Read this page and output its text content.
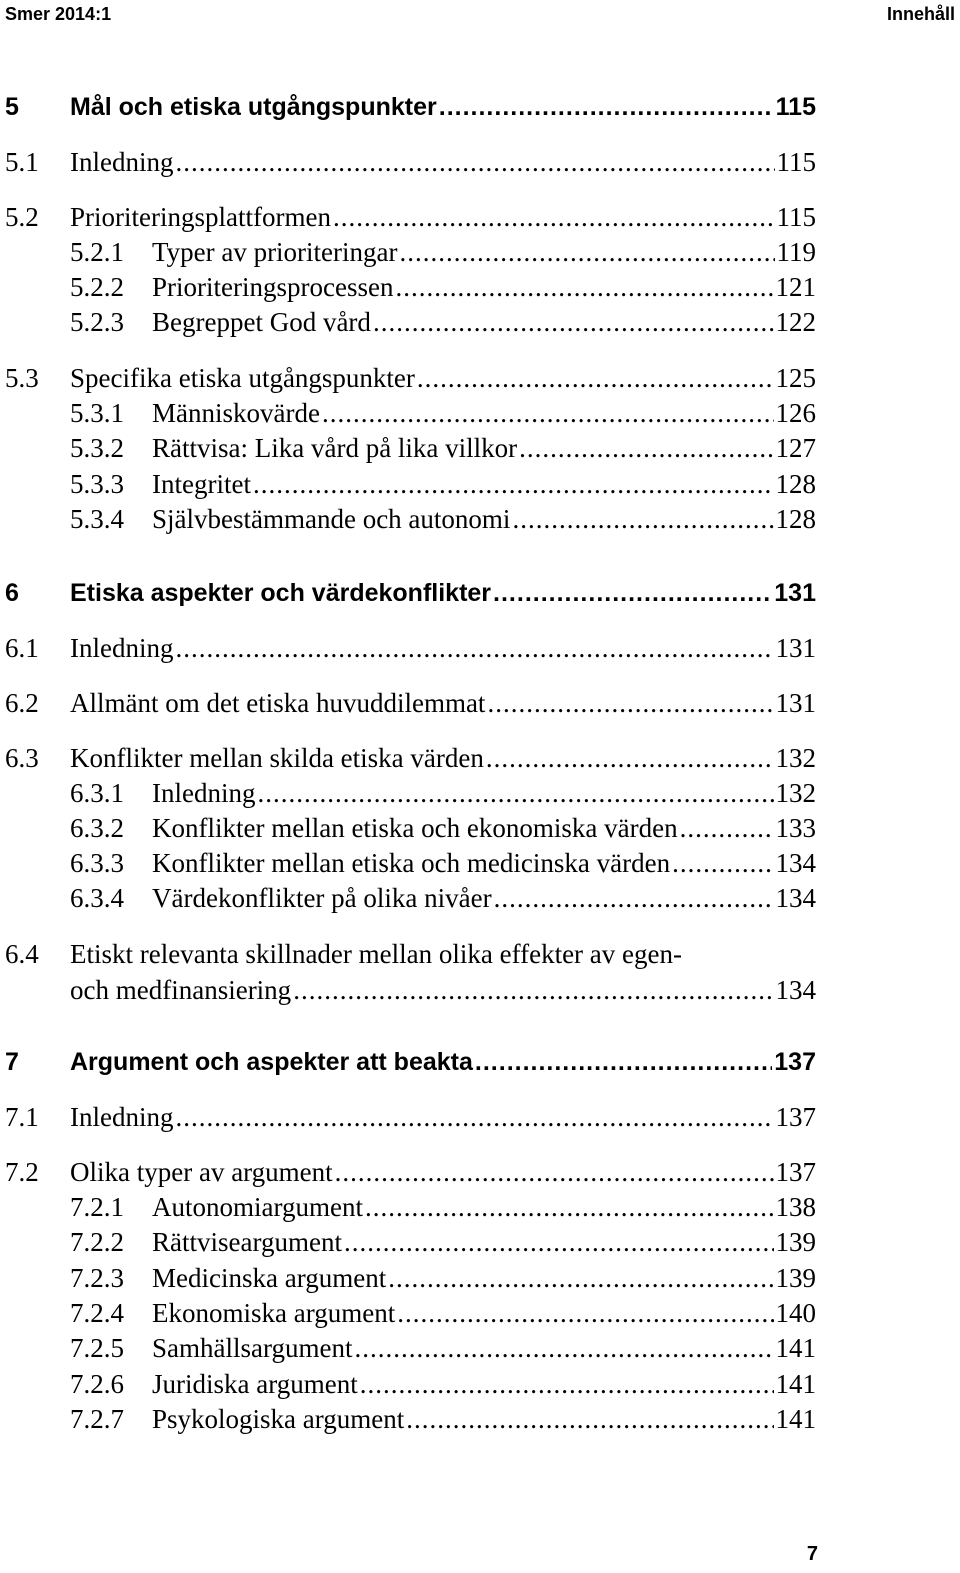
Smer 2014:1	Innehåll
5 Mål och etiska utgångspunkter .....	115
5.1 Inledning .....	115
5.2 Prioriteringsplattformen .....	115
5.2.1 Typer av prioriteringar .....	119
5.2.2 Prioriteringsprocessen .....	121
5.2.3 Begreppet God vård .....	122
5.3 Specifika etiska utgångspunkter .....	125
5.3.1 Människovärde .....	126
5.3.2 Rättvisa: Lika vård på lika villkor .....	127
5.3.3 Integritet .....	128
5.3.4 Självbestämmande och autonomi .....	128
6 Etiska aspekter och värdekonflikter .....	131
6.1 Inledning .....	131
6.2 Allmänt om det etiska huvuddilemmat .....	131
6.3 Konflikter mellan skilda etiska värden .....	132
6.3.1 Inledning .....	132
6.3.2 Konflikter mellan etiska och ekonomiska värden .....	133
6.3.3 Konflikter mellan etiska och medicinska värden .....	134
6.3.4 Värdekonflikter på olika nivåer .....	134
6.4 Etiskt relevanta skillnader mellan olika effekter av egen-
och medfinansiering .....	134
7 Argument och aspekter att beakta .....	137
7.1 Inledning .....	137
7.2 Olika typer av argument .....	137
7.2.1 Autonomiargument .....	138
7.2.2 Rättviseargument .....	139
7.2.3 Medicinska argument .....	139
7.2.4 Ekonomiska argument .....	140
7.2.5 Samhällsargument .....	141
7.2.6 Juridiska argument .....	141
7.2.7 Psykologiska argument .....	141
7
